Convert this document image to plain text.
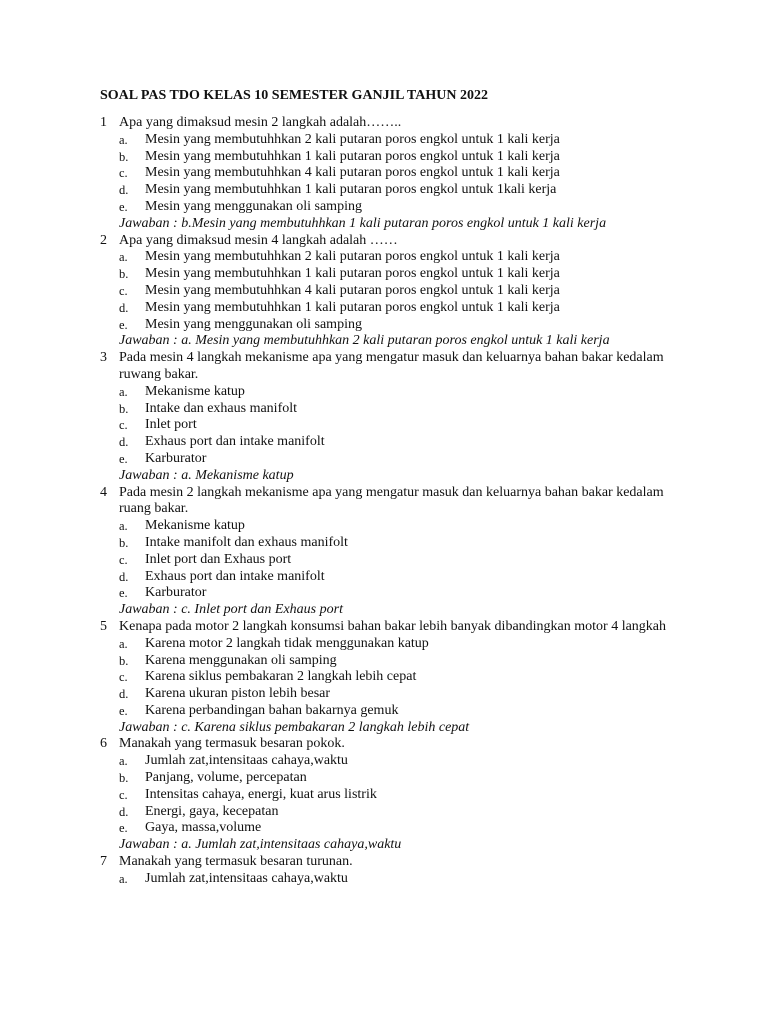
SOAL PAS TDO KELAS 10 SEMESTER GANJIL TAHUN 2022
1 Apa yang dimaksud mesin 2 langkah adalah……..
a.	Mesin yang membutuhhkan 2 kali putaran poros engkol untuk 1 kali kerja
b.	Mesin yang membutuhhkan 1 kali putaran poros engkol untuk 1 kali kerja
c.	Mesin yang membutuhhkan 4 kali putaran poros engkol untuk 1 kali kerja
d.	Mesin yang membutuhhkan 1 kali putaran poros engkol untuk 1kali kerja
e.	Mesin yang menggunakan oli samping
Jawaban : b.Mesin yang membutuhhkan 1 kali putaran poros engkol untuk 1 kali kerja
2 Apa yang dimaksud mesin 4 langkah adalah ……
a.	Mesin yang membutuhhkan 2 kali putaran poros engkol untuk 1 kali kerja
b.	Mesin yang membutuhhkan 1 kali putaran poros engkol untuk 1 kali kerja
c.	Mesin yang membutuhhkan 4 kali putaran poros engkol untuk 1 kali kerja
d.	Mesin yang membutuhhkan 1 kali putaran poros engkol untuk 1 kali kerja
e.	Mesin yang menggunakan oli samping
Jawaban : a. Mesin yang membutuhhkan 2 kali putaran poros engkol untuk 1 kali kerja
3 Pada mesin 4 langkah mekanisme apa yang mengatur masuk dan keluarnya bahan bakar kedalam ruwang bakar.
a.	Mekanisme katup
b.	Intake dan exhaus manifolt
c.	Inlet port
d.	Exhaus port dan intake manifolt
e.	Karburator
Jawaban : a. Mekanisme katup
4 Pada mesin 2 langkah mekanisme apa yang mengatur masuk dan keluarnya bahan bakar kedalam ruang bakar.
a.	Mekanisme katup
b.	Intake manifolt dan exhaus manifolt
c.	Inlet port dan Exhaus port
d.	Exhaus port dan intake manifolt
e.	Karburator
Jawaban : c. Inlet port dan Exhaus port
5 Kenapa pada motor 2 langkah konsumsi bahan bakar lebih banyak dibandingkan motor 4 langkah
a.	Karena motor 2 langkah tidak menggunakan katup
b.	Karena menggunakan oli samping
c.	Karena siklus pembakaran 2 langkah lebih cepat
d.	Karena ukuran piston lebih besar
e.	Karena perbandingan bahan bakarnya gemuk
Jawaban : c. Karena siklus pembakaran 2 langkah lebih cepat
6 Manakah yang termasuk besaran pokok.
a.	Jumlah zat,intensitaas cahaya,waktu
b.	Panjang, volume, percepatan
c.	Intensitas cahaya, energi, kuat arus listrik
d.	Energi, gaya, kecepatan
e.	Gaya, massa,volume
Jawaban : a. Jumlah zat,intensitaas cahaya,waktu
7 Manakah yang termasuk besaran turunan.
a.	Jumlah zat,intensitaas cahaya,waktu
